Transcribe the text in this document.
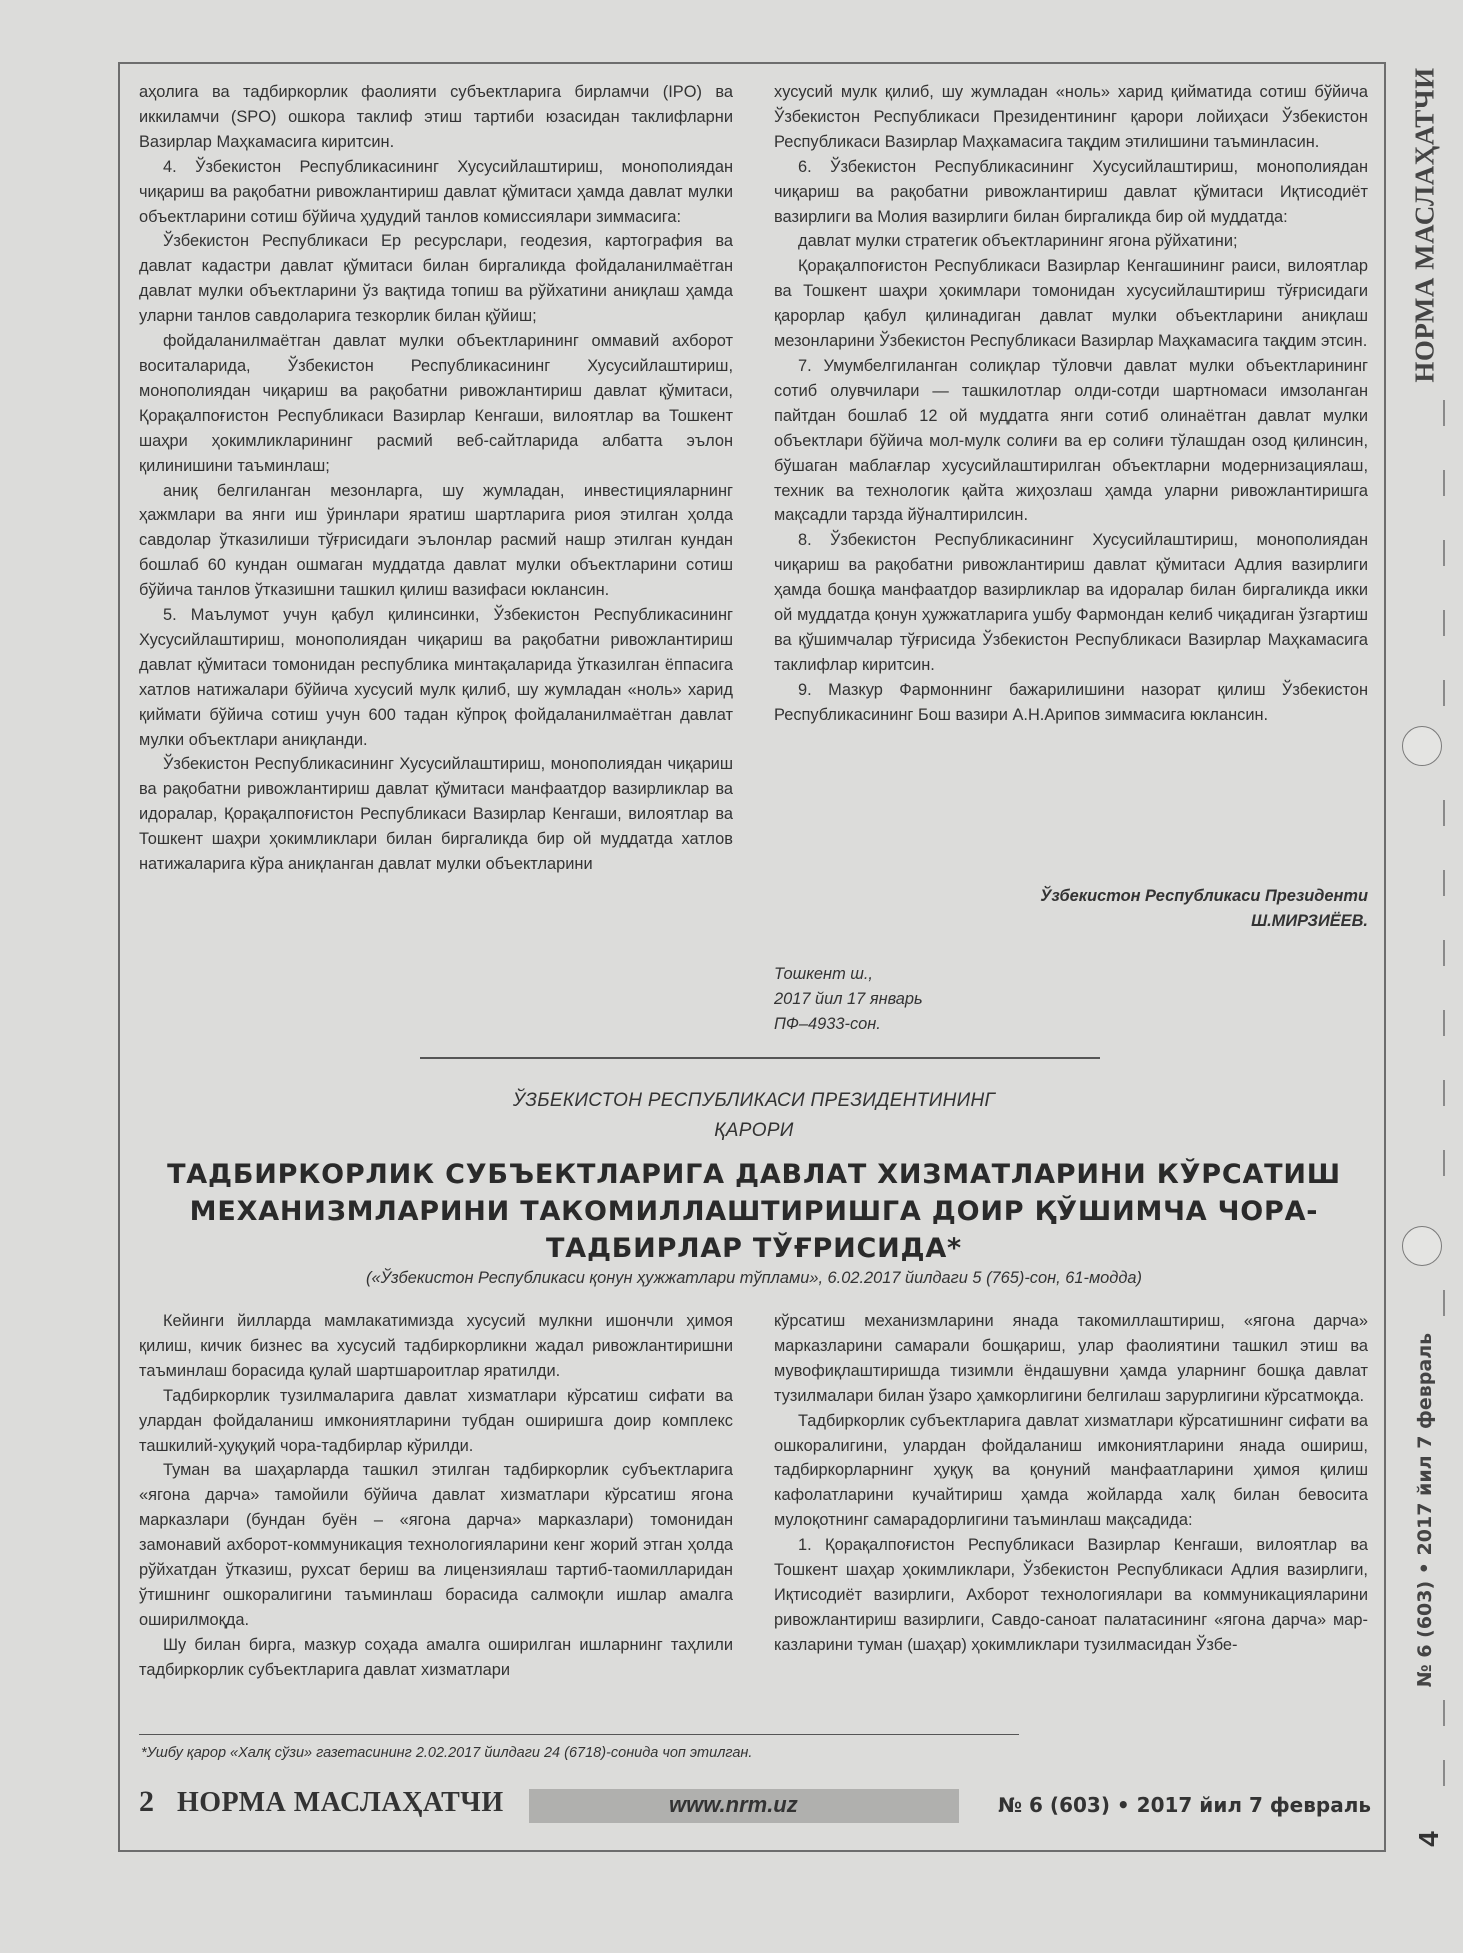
аҳолига ва тадбиркорлик фаолияти субъектларига бирламчи (IPO) ва иккиламчи (SPO) ошкора таклиф этиш тартиби юзасидан таклифларни Вазирлар Маҳкамасига киритсин.

4. Ўзбекистон Республикасининг Хусусийлаштириш, монополиядан чиқариш ва рақобатни ривожлантириш давлат қўмитаси ҳамда давлат мулки объектларини сотиш бўйича ҳудудий танлов комиссиялари зиммасига:

Ўзбекистон Республикаси Ер ресурслари, геодезия, картография ва давлат кадастри давлат қўмитаси билан биргаликда фойдаланилмаётган давлат мулки объектларини ўз вақтида топиш ва рўйхатини аниқлаш ҳамда уларни танлов савдоларига тезкорлик билан қўйиш;

фойдаланилмаётган давлат мулки объектларининг оммавий ахборот воситаларида, Ўзбекистон Республикасининг Хусусийлаштириш, монополиядан чиқариш ва рақобатни ривожлантириш давлат қўмитаси, Қорақалпоғистон Республикаси Вазирлар Кенгаши, вилоятлар ва Тошкент шаҳри ҳокимликларининг расмий веб-сайтларида албатта эълон қилинишини таъминлаш;

аниқ белгиланган мезонларга, шу жумладан, инвестицияларнинг ҳажмлари ва янги иш ўринлари яратиш шартларига риоя этилган ҳолда савдолар ўтказилиши тўғрисидаги эълонлар расмий нашр этилган кундан бошлаб 60 кундан ошмаган муддатда давлат мулки объектларини сотиш бўйича танлов ўтказишни ташкил қилиш вазифаси юклансин.

5. Маълумот учун қабул қилинсинки, Ўзбекистон Республикасининг Хусусийлаштириш, монополиядан чиқариш ва рақобатни ривожлантириш давлат қўмитаси томонидан республика минтақаларида ўтказилган ёппасига хатлов натижалари бўйича хусусий мулк қилиб, шу жумладан «ноль» харид қиймати бўйича сотиш учун 600 тадан кўпроқ фойдаланилмаётган давлат мулки объектлари аниқланди.

Ўзбекистон Республикасининг Хусусийлаштириш, монополиядан чиқариш ва рақобатни ривожлантириш давлат қўмитаси манфаатдор вазирликлар ва идоралар, Қорақалпоғистон Республикаси Вазирлар Кенгаши, вилоятлар ва Тошкент шаҳри ҳокимликлари билан биргаликда бир ой муддатда хатлов натижаларига кўра аниқланган давлат мулки объектларини

хусусий мулк қилиб, шу жумладан «ноль» харид қийматида сотиш бўйича Ўзбекистон Республикаси Президентининг қарори лойиҳаси Ўзбекистон Республикаси Вазирлар Маҳкамасига тақдим этилишини таъминласин.

6. Ўзбекистон Республикасининг Хусусийлаштириш, монополиядан чиқариш ва рақобатни ривожлантириш давлат қўмитаси Иқтисодиёт вазирлиги ва Молия вазирлиги билан биргаликда бир ой муддатда:

давлат мулки стратегик объектларининг ягона рўйхатини;

Қорақалпоғистон Республикаси Вазирлар Кенгашининг раиси, вилоятлар ва Тошкент шаҳри ҳокимлари томонидан хусусийлаштириш тўғрисидаги қарорлар қабул қилинадиган давлат мулки объектларини аниқлаш мезонларини Ўзбекистон Республикаси Вазирлар Маҳкамасига тақдим этсин.

7. Умумбелгиланган солиқлар тўловчи давлат мулки объектларининг сотиб олувчилари — ташкилотлар олди-сотди шартномаси имзоланган пайтдан бошлаб 12 ой муддатга янги сотиб олинаётган давлат мулки объектлари бўйича мол-мулк солиғи ва ер солиғи тўлашдан озод қилинсин, бўшаган маблағлар хусусийлаштирилган объектларни модернизациялаш, техник ва технологик қайта жиҳозлаш ҳамда уларни ривожлантиришга мақсадли тарзда йўналтирилсин.

8. Ўзбекистон Республикасининг Хусусийлаштириш, монополиядан чиқариш ва рақобатни ривожлантириш давлат қўмитаси Адлия вазирлиги ҳамда бошқа манфаатдор вазирликлар ва идоралар билан биргаликда икки ой муддатда қонун ҳужжатларига ушбу Фармондан келиб чиқадиган ўзгартиш ва қўшимчалар тўғрисида Ўзбекистон Республикаси Вазирлар Маҳкамасига таклифлар киритсин.

9. Мазкур Фармоннинг бажарилишини назорат қилиш Ўзбекистон Республикасининг Бош вазири А.Н.Арипов зиммасига юклансин.

Ўзбекистон Республикаси Президенти
Ш.МИРЗИЁЕВ.
Тошкент ш.,
2017 йил 17 январь
ПФ–4933-сон.
ЎЗБЕКИСТОН РЕСПУБЛИКАСИ ПРЕЗИДЕНТИНИНГ
ҚАРОРИ
ТАДБИРКОРЛИК СУБЪЕКТЛАРИГА ДАВЛАТ ХИЗМАТЛАРИНИ КЎРСАТИШ
МЕХАНИЗМЛАРИНИ ТАКОМИЛЛАШТИРИШГА ДОИР ҚЎШИМЧА ЧОРА-
ТАДБИРЛАР ТЎҒРИСИДА*
(«Ўзбекистон Республикаси қонун ҳужжатлари тўплами», 6.02.2017 йилдаги 5 (765)-сон, 61-модда)

Кейинги йилларда мамлакатимизда хусусий мулкни ишончли ҳимоя қилиш, кичик бизнес ва хусусий тадбиркорликни жадал ривожлантиришни таъминлаш борасида қулай шартшароитлар яратилди.

Тадбиркорлик тузилмаларига давлат хизматлари кўрсатиш сифати ва улардан фойдаланиш имкониятларини тубдан оширишга доир комплекс ташкилий-ҳуқуқий чора-тадбирлар кўрилди.

Туман ва шаҳарларда ташкил этилган тадбиркорлик субъектларига «ягона дарча» тамойили бўйича давлат хизматлари кўрсатиш ягона марказлари (бундан буён – «ягона дарча» марказлари) томонидан замонавий ахборот-коммуникация технологияларини кенг жорий этган ҳолда рўйхатдан ўтказиш, рухсат бериш ва лицензиялаш тартиб-таомилларидан ўтишнинг ошкоралигини таъминлаш борасида салмоқли ишлар амалга оширилмоқда.

Шу билан бирга, мазкур соҳада амалга оширилган ишларнинг таҳлили тадбиркорлик субъектларига давлат хизматлари

кўрсатиш механизмларини янада такомиллаштириш, «ягона дарча» марказларини самарали бошқариш, улар фаолиятини ташкил этиш ва мувофиқлаштиришда тизимли ёндашувни ҳамда уларнинг бошқа давлат тузилмалари билан ўзаро ҳамкорлигини белгилаш зарурлигини кўрсатмоқда.

Тадбиркорлик субъектларига давлат хизматлари кўрсатишнинг сифати ва ошкоралигини, улардан фойдаланиш имкониятларини янада ошириш, тадбиркорларнинг ҳуқуқ ва қонуний манфаатларини ҳимоя қилиш кафолатларини кучайтириш ҳамда жойларда халқ билан бевосита мулоқотнинг самарадорлигини таъминлаш мақсадида:

1. Қорақалпоғистон Республикаси Вазирлар Кенгаши, вилоятлар ва Тошкент шаҳар ҳокимликлари, Ўзбекистон Республикаси Адлия вазирлиги, Иқтисодиёт вазирлиги, Ахборот технологиялари ва коммуникацияларини ривожлантириш вазирлиги, Савдо-саноат палатасининг «ягона дарча» марказларини туман (шаҳар) ҳокимликлари тузилмасидан Ўзбе-

*Ушбу қарор «Халқ сўзи» газетасининг 2.02.2017 йилдаги 24 (6718)-сонида чоп этилган.
2 НОРМА МАСЛАҲАТЧИ	www.nrm.uz	№ 6 (603) • 2017 йил 7 февраль
НОРМА МАСЛАҲАТЧИ
№ 6 (603) • 2017 йил 7 февраль
4
